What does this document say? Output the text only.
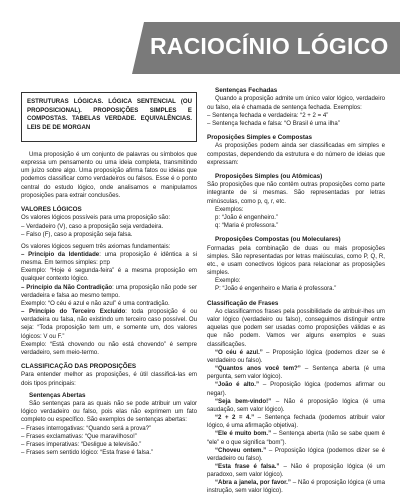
RACIOCÍNIO LÓGICO
ESTRUTURAS LÓGICAS. LÓGICA SENTENCIAL (OU PROPOSICIONAL). PROPOSIÇÕES SIMPLES E COMPOSTAS. TABELAS VERDADE. EQUIVALÊNCIAS. LEIS DE DE MORGAN

Uma proposição é um conjunto de palavras ou símbolos que expressa um pensamento ou uma ideia completa, transmitindo um juízo sobre algo. Uma proposição afirma fatos ou ideias que podemos classificar como verdadeiros ou falsos. Esse é o ponto central do estudo lógico, onde analisamos e manipulamos proposições para extrair conclusões.

VALORES LÓGICOS

Os valores lógicos possíveis para uma proposição são:

– Verdadeiro (V), caso a proposição seja verdadeira.
– Falso (F), caso a proposição seja falsa.

Os valores lógicos seguem três axiomas fundamentais:

– Princípio da Identidade: uma proposição é idêntica a si mesma. Em termos simples: p≡p

Exemplo: “Hoje é segunda-feira” é a mesma proposição em qualquer contexto lógico.

– Princípio da Não Contradição: uma proposição não pode ser verdadeira e falsa ao mesmo tempo.

Exemplo: “O céu é azul e não azul” é uma contradição.

– Princípio do Terceiro Excluído: toda proposição é ou verdadeira ou falsa, não existindo um terceiro caso possível. Ou seja: “Toda proposição tem um, e somente um, dos valores lógicos: V ou F.”

Exemplo: “Está chovendo ou não está chovendo” é sempre verdadeiro, sem meio-termo.

CLASSIFICAÇÃO DAS PROPOSIÇÕES

Para entender melhor as proposições, é útil classificá-las em dois tipos principais:

Sentenças Abertas

São sentenças para as quais não se pode atribuir um valor lógico verdadeiro ou falso, pois elas não exprimem um fato completo ou específico. São exemplos de sentenças abertas:

– Frases interrogativas: “Quando será a prova?”
– Frases exclamativas: “Que maravilhoso!”
– Frases imperativas: “Desligue a televisão.”
– Frases sem sentido lógico: “Esta frase é falsa.”
Sentenças Fechadas

Quando a proposição admite um único valor lógico, verdadeiro ou falso, ela é chamada de sentença fechada. Exemplos:

– Sentença fechada e verdadeira: “2 + 2 = 4”
– Sentença fechada e falsa: “O Brasil é uma ilha”
Proposições Simples e Compostas

As proposições podem ainda ser classificadas em simples e compostas, dependendo da estrutura e do número de ideias que expressam:

Proposições Simples (ou Atômicas)

São proposições que não contêm outras proposições como parte integrante de si mesmas. São representadas por letras minúsculas, como p, q, r, etc.

Exemplos:
p: “João é engenheiro.”
q: “Maria é professora.”
Proposições Compostas (ou Moleculares)

Formadas pela combinação de duas ou mais proposições simples. São representadas por letras maiúsculas, como P, Q, R, etc., e usam conectivos lógicos para relacionar as proposições simples.

Exemplo:
P: “João é engenheiro e Maria é professora.”
Classificação de Frases

Ao classificarmos frases pela possibilidade de atribuir-lhes um valor lógico (verdadeiro ou falso), conseguimos distinguir entre aquelas que podem ser usadas como proposições válidas e as que não podem. Vamos ver alguns exemplos e suas classificações.

“O céu é azul.” – Proposição lógica (podemos dizer se é verdadeiro ou falso).

“Quantos anos você tem?” – Sentença aberta (é uma pergunta, sem valor lógico).

“João é alto.” – Proposição lógica (podemos afirmar ou negar).

“Seja bem-vindo!” – Não é proposição lógica (é uma saudação, sem valor lógico).

“2 + 2 = 4.” – Sentença fechada (podemos atribuir valor lógico, é uma afirmação objetiva).

“Ele é muito bom.” – Sentença aberta (não se sabe quem é “ele” e o que significa “bom”).

“Choveu ontem.” – Proposição lógica (podemos dizer se é verdadeiro ou falso).

“Esta frase é falsa.” – Não é proposição lógica (é um paradoxo, sem valor lógico).

“Abra a janela, por favor.” – Não é proposição lógica (é uma instrução, sem valor lógico).
